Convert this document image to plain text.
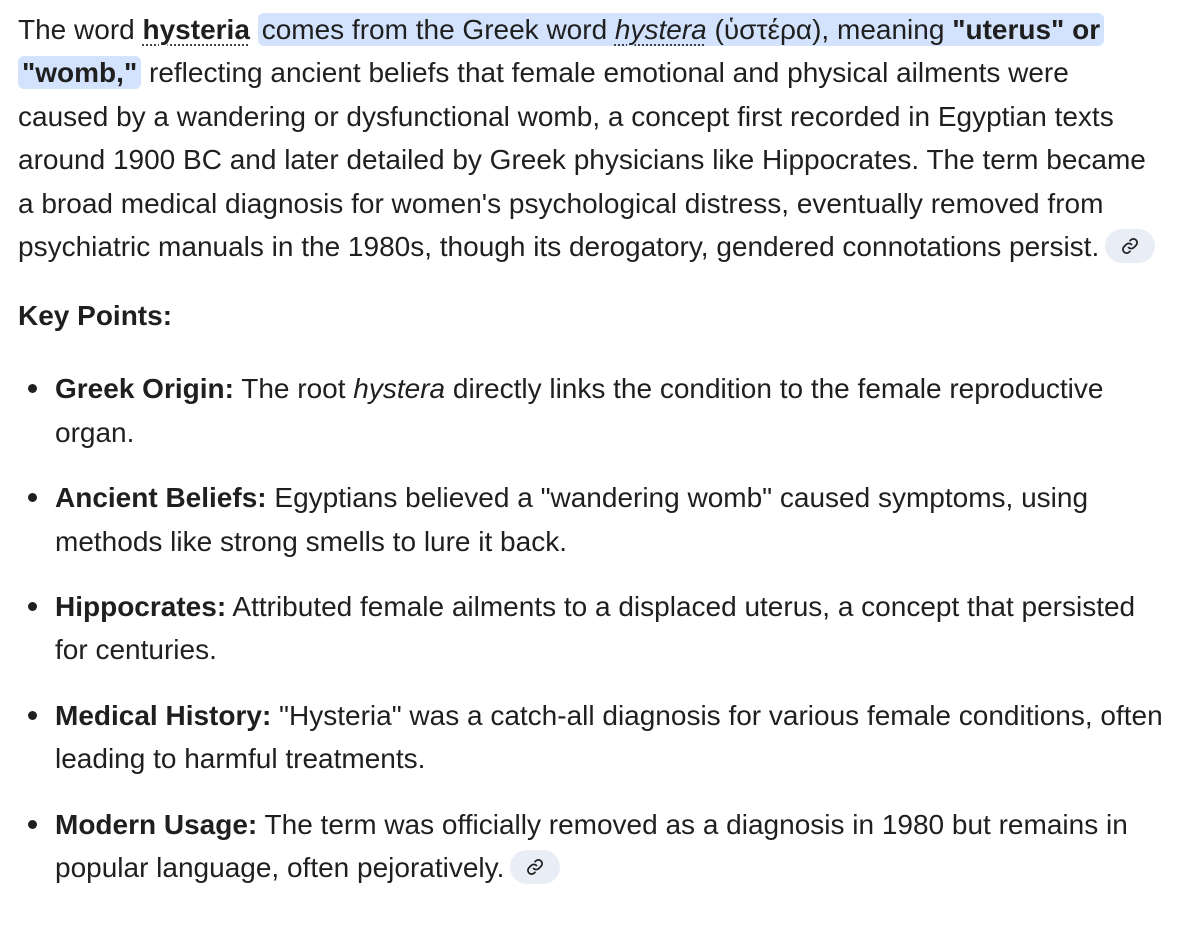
The word hysteria comes from the Greek word hystera (ὑστέρα), meaning "uterus" or "womb," reflecting ancient beliefs that female emotional and physical ailments were caused by a wandering or dysfunctional womb, a concept first recorded in Egyptian texts around 1900 BC and later detailed by Greek physicians like Hippocrates. The term became a broad medical diagnosis for women's psychological distress, eventually removed from psychiatric manuals in the 1980s, though its derogatory, gendered connotations persist.

Key Points:
Greek Origin: The root hystera directly links the condition to the female reproductive organ.
Ancient Beliefs: Egyptians believed a "wandering womb" caused symptoms, using methods like strong smells to lure it back.
Hippocrates: Attributed female ailments to a displaced uterus, a concept that persisted for centuries.
Medical History: "Hysteria" was a catch-all diagnosis for various female conditions, often leading to harmful treatments.
Modern Usage: The term was officially removed as a diagnosis in 1980 but remains in popular language, often pejoratively.
